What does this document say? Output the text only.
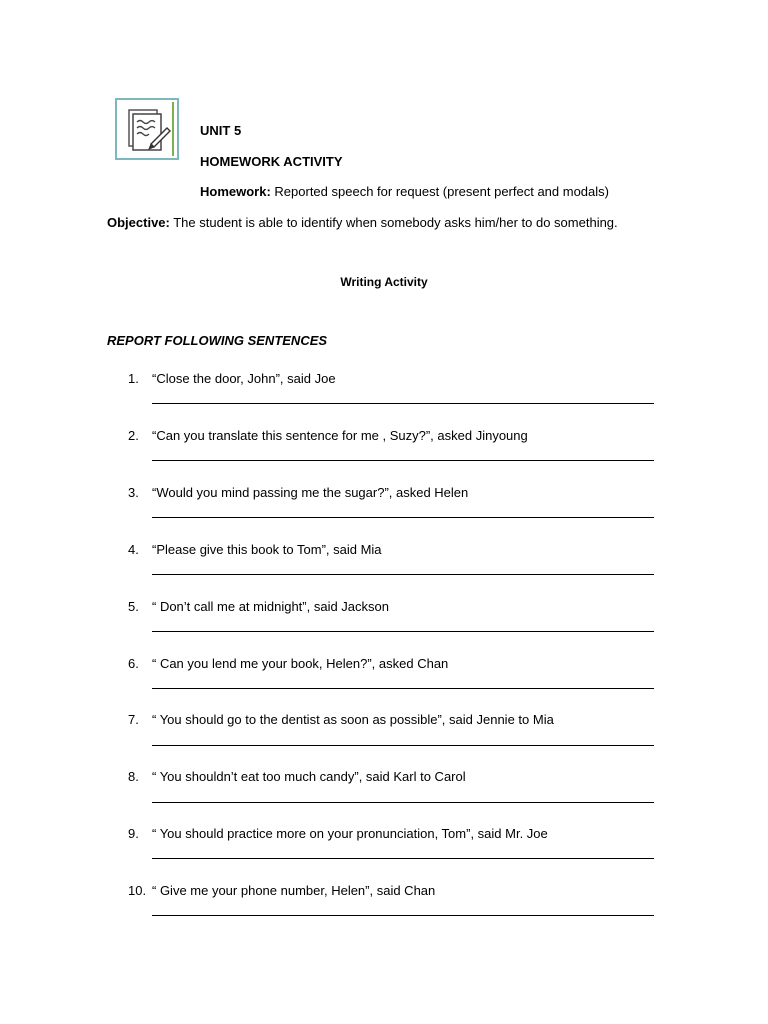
UNIT 5
HOMEWORK ACTIVITY
Homework: Reported speech for request (present perfect and modals)
Objective: The student is able to identify when somebody asks him/her to do something.
Writing Activity
REPORT FOLLOWING SENTENCES
1.	“Close the door, John”, said Joe
2.	“Can you translate this sentence for me , Suzy?”, asked Jinyoung
3.	“Would you mind passing me the sugar?”, asked Helen
4.	“Please give this book to Tom”, said Mia
5.	“ Don’t call me at midnight”, said Jackson
6.	“ Can you lend me your book, Helen?”, asked Chan
7.	“ You should go to the dentist as soon as possible”, said Jennie to Mia
8.	“ You shouldn’t eat too much candy”, said Karl to Carol
9.	“ You should practice more on your pronunciation, Tom”, said Mr. Joe
10. “ Give me your phone number, Helen”, said Chan
